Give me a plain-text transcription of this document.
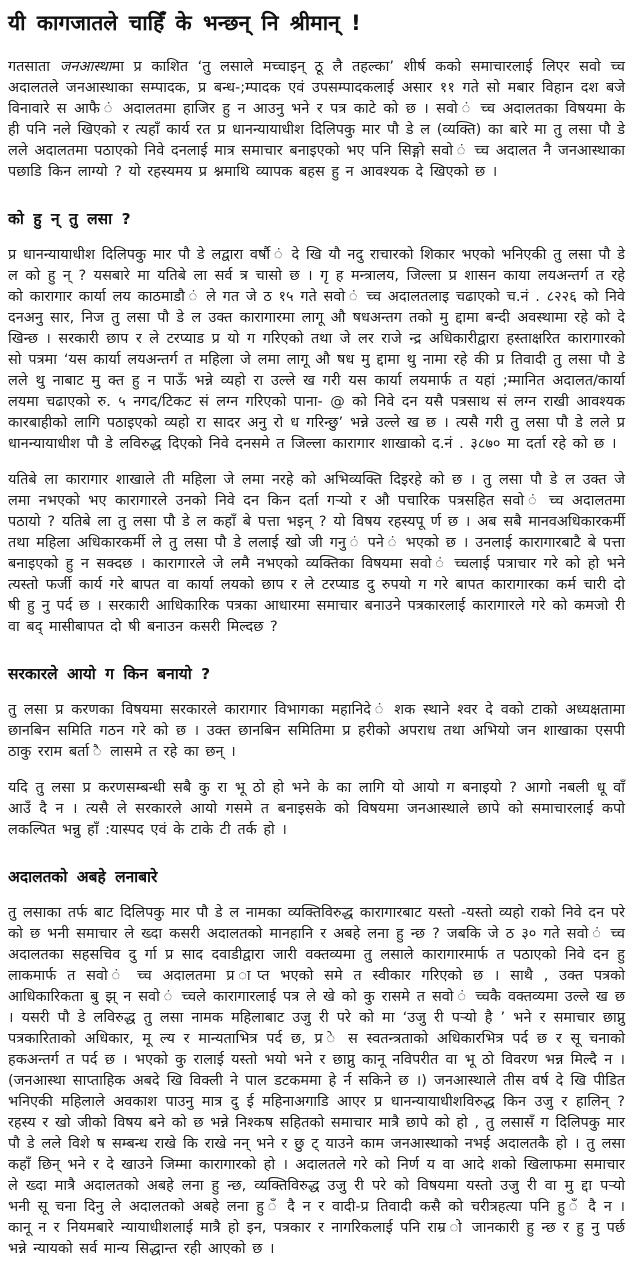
यी कागजातले चाहिँ के भन्छन् नि श्रीमान् !

गतसाता जनआस्थामा प्र काशित ‘तु लसाले मच्चाइन् ठू लै तहल्का’ शीर्ष कको समाचारलाई लिएर सवो च्च अदालतले जनआस्थाका सम्पादक, प्र बन्ध-;म्पादक एवं उपसम्पादकलाई असार ११ गते सो मबार विहान दश बजे विनावारे स आफै ं अदालतमा हाजिर हु न आउनु भने र पत्र काटे को छ । सवो ं च्च अदालतका विषयमा के ही पनि नले खिएको र त्यहाँ कार्य रत प्र धानन्यायाधीश दिलिपकु मार पौ डे ल (व्यक्ति) का बारे मा तु लसा पौ डे लले अदालतमा पठाएको निवे दनलाई मात्र समाचार बनाइएको भए पनि सिङ्गो सवो ं च्च अदालत नै जनआस्थाका पछाडि किन लाग्यो ? यो रहस्यमय प्र श्नमाथि व्यापक बहस हु न आवश्यक दे खिएको छ ।

को हु न् तु लसा ?

प्र धानन्यायाधीश दिलिपकु मार पौ डे लद्वारा वर्षौ ं दे खि यौ नदु राचारको शिकार भएको भनिएकी तु लसा पौ डे ल को हु न् ? यसबारे मा यतिबे ला सर्व त्र चासो छ । गृ ह मन्त्रालय, जिल्ला प्र शासन काया लयअन्तर्ग त रहे को कारागार कार्या लय काठमाडौ ं ले गत जे ठ १५ गते सवो ं च्च अदालतलाइ चढाएको च.नं . ८२२६ को निवे दनअनु सार, निज तु लसा पौ डे ल उक्त कारागारमा लागू औ षधअन्तग तको मु द्दामा बन्दी अवस्थामा रहे को दे खिन्छ । सरकारी छाप र ले टरप्याड प्र यो ग गरिएको तथा जे लर राजे न्द्र अधिकारीद्वारा हस्ताक्षरित कारागारको सो पत्रमा ‘यस कार्या लयअन्तर्ग त महिला जे लमा लागू औ षध मु द्दामा थु नामा रहे की प्र तिवादी तु लसा पौ डे लले थु नाबाट मु क्त हु न पाऊँ भन्ने व्यहो रा उल्ले ख गरी यस कार्या लयमार्फ त यहां ;म्मानित अदालत/कार्या लयमा चढाएको रु. ५ नगद/टिकट सं लग्न गरिएको पाना- @ को निवे दन यसै पत्रसाथ सं लग्न राखी आवश्यक कारबाहीको लागि पठाइएको व्यहो रा सादर अनु रो ध गरिन्छु’ भन्ने उल्ले ख छ । त्यसै गरी तु लसा पौ डे लले प्र धानन्यायाधीश पौ डे लविरुद्ध दिएको निवे दनसमे त जिल्ला कारागार शाखाको द.नं . ३८७० मा दर्ता रहे को छ ।

यतिबे ला कारागार शाखाले ती महिला जे लमा नरहे को अभिव्यक्ति दिइरहे को छ । तु लसा पौ डे ल उक्त जे लमा नभएको भए कारागारले उनको निवे दन किन दर्ता गऱ्यो र औ पचारिक पत्रसहित सवो ं च्च अदालतमा पठायो ? यतिबे ला तु लसा पौ डे ल कहाँ बे पत्ता भइन् ? यो विषय रहस्यपू र्ण छ । अब सबै मानवअधिकारकर्मी तथा महिला अधिकारकर्मी ले तु लसा पौ डे ललाई खो जी गनु ं पने ं भएको छ । उनलाई कारागारबाटै बे पत्ता बनाइएको हु न सक्दछ । कारागारले जे लमै नभएको व्यक्तिका विषयमा सवो ं च्चलाई पत्राचार गरे को हो भने त्यस्तो फर्जी कार्य गरे बापत वा कार्या लयको छाप र ले टरप्याड दु रुपयो ग गरे बापत कारागारका कर्म चारी दो षी हु नु पर्द छ । सरकारी आधिकारिक पत्रका आधारमा समाचार बनाउने पत्रकारलाई कारागारले गरे को कमजो री वा बद् मासीबापत दो षी बनाउन कसरी मिल्दछ ?

सरकारले आयो ग किन बनायो ?

तु लसा प्र करणका विषयमा सरकारले कारागार विभागका महानिदे ं शक स्थाने श्वर दे वको टाको अध्यक्षतामा छानबिन समिति गठन गरे को छ । उक्त छानबिन समितिमा प्र हरीको अपराध तथा अभियो जन शाखाका एसपी ठाकु रराम बर्ता ै लासमे त रहे का छन् ।

यदि तु लसा प्र करणसम्बन्धी सबै कु रा भू ठो हो भने के का लागि यो आयो ग बनाइयो ? आगो नबली धू वाँ आउँ दै न । त्यसै ले सरकारले आयो गसमे त बनाइसके को विषयमा जनआस्थाले छापे को समाचारलाई कपो लकल्पित भन्नु हाँ :यास्पद एवं के टाके टी तर्क हो ।

अदालतको अबहे लनाबारे

तु लसाका तर्फ बाट दिलिपकु मार पौ डे ल नामका व्यक्तिविरुद्ध कारागारबाट यस्तो -यस्तो व्यहो राको निवे दन परे को छ भनी समाचार ले ख्दा कसरी अदालतको मानहानि र अबहे लना हु न्छ ? जबकि जे ठ ३० गते सवो ं च्च अदालतका सहसचिव दु र्गा प्र साद दवाडीद्वारा जारी वक्तव्यमा तु लसाले कारागारमार्फ त पठाएको निवे दन हु लाकमार्फ त सवो ं च्च अदालतमा प्र ाप्त भएको समे त स्वीकार गरिएको छ । साथै , उक्त पत्रको आधिकारिकता बु झ् न सवो ं च्चले कारागारलाई पत्र ले खे को कु रासमे त सवो ं च्चकै वक्तव्यमा उल्ले ख छ । यसरी पौ डे लविरुद्ध तु लसा नामक महिलाबाट उजु री परे को मा ‘उजु री पऱ्यो है ’ भने र समाचार छाप्नु पत्रकारिताको अधिकार, मू ल्य र मान्यताभित्र पर्द छ, प्र े स स्वतन्त्रताको अधिकारभित्र पर्द छ र सू चनाको हकअन्तर्ग त पर्द छ । भएको कु रालाई यस्तो भयो भने र छाप्नु कानू नविपरीत वा भू ठो विवरण भन्न मिल्दै न । (जनआस्था साप्ताहिक अबदे खि विक्ली ने पाल डटकममा हे र्न सकिने छ ।) जनआस्थाले तीस वर्ष दे खि पीडित भनिएकी महिलाले अवकाश पाउनु मात्र दु ई महिनाअगाडि आएर प्र धानन्यायाधीशविरुद्ध किन उजु र हालिन् ? रहस्य र खो जीको विषय बने को छ भन्ने निश्कष सहितको समाचार मात्रै छापे को हो , तु लसासँ ग दिलिपकु मार पौ डे लले विशे ष सम्बन्ध राखे कि राखे नन् भने र छु ट् याउने काम जनआस्थाको नभई अदालतकै हो । तु लसा कहाँ छिन् भने र दे खाउने जिम्मा कारागारको हो । अदालतले गरे को निर्ण य वा आदे शको खिलाफमा समाचार ले ख्दा मात्रै अदालतको अबहे लना हु न्छ, व्यक्तिविरुद्ध उजु री परे को विषयमा यस्तो उजु री वा मु द्दा पऱ्यो भनी सू चना दिनु ले अदालतको अबहे लना हु ँ दै न र वादी-प्र तिवादी कसै को चरीत्रहत्या पनि हु ँ दै न । कानू न र नियमबारे न्यायाधीशलाई मात्रै हो इन, पत्रकार र नागरिकलाई पनि राम्र ो जानकारी हु न्छ र हु नु पर्छ भन्ने न्यायको सर्व मान्य सिद्धान्त रही आएको छ ।
